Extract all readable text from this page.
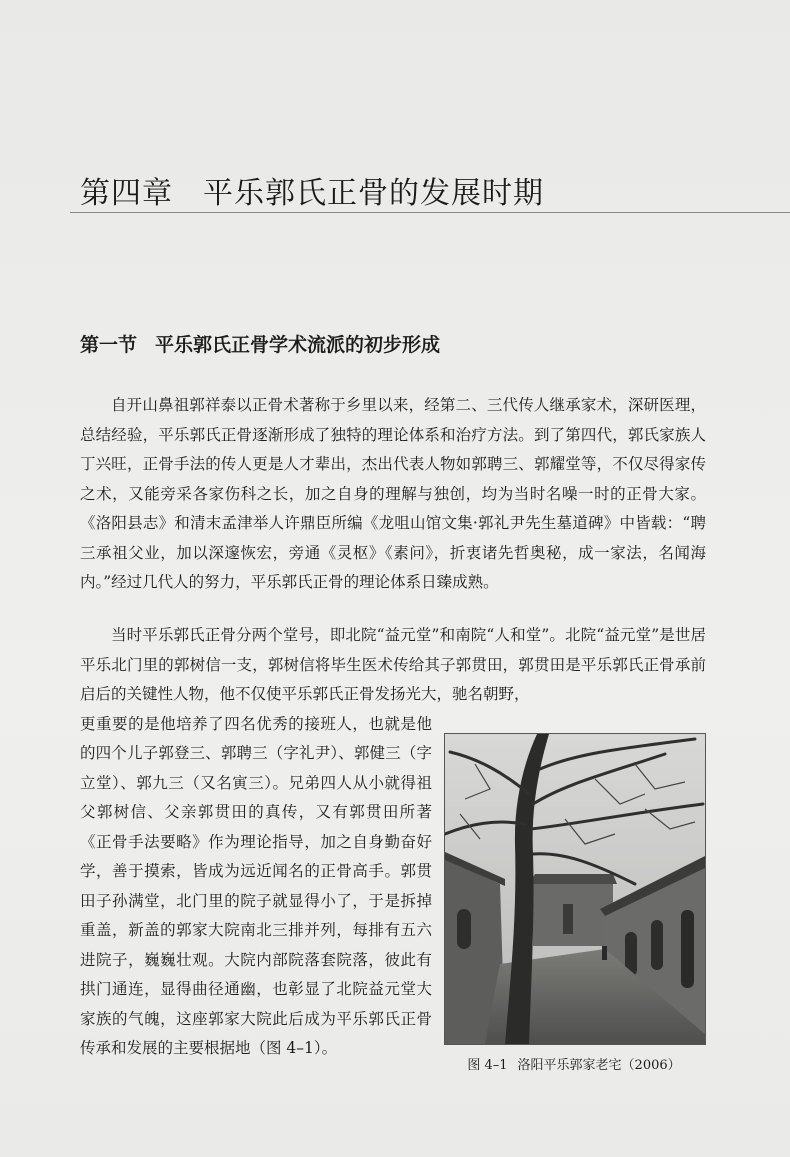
第四章 平乐郭氏正骨的发展时期
第一节 平乐郭氏正骨学术流派的初步形成
自开山鼻祖郭祥泰以正骨术著称于乡里以来，经第二、三代传人继承家术，深研医理，总结经验，平乐郭氏正骨逐渐形成了独特的理论体系和治疗方法。到了第四代，郭氏家族人丁兴旺，正骨手法的传人更是人才辈出，杰出代表人物如郭聘三、郭耀堂等，不仅尽得家传之术，又能旁采各家伤科之长，加之自身的理解与独创，均为当时名噪一时的正骨大家。《洛阳县志》和清末孟津举人许鼎臣所编《龙咀山馆文集·郭礼尹先生墓道碑》中皆载：“聘三承祖父业，加以深邃恢宏，旁通《灵枢》《素问》，折衷诸先哲奥秘，成一家法，名闻海内。”经过几代人的努力，平乐郭氏正骨的理论体系日臻成熟。
当时平乐郭氏正骨分两个堂号，即北院“益元堂”和南院“人和堂”。北院“益元堂”是世居平乐北门里的郭树信一支，郭树信将毕生医术传给其子郭贯田，郭贯田是平乐郭氏正骨承前启后的关键性人物，他不仅使平乐郭氏正骨发扬光大，驰名朝野，
更重要的是他培养了四名优秀的接班人，也就是他的四个儿子郭登三、郭聘三（字礼尹）、郭健三（字立堂）、郭九三（又名寅三）。兄弟四人从小就得祖父郭树信、父亲郭贯田的真传，又有郭贯田所著《正骨手法要略》作为理论指导，加之自身勤奋好学，善于摸索，皆成为远近闻名的正骨高手。郭贯田子孙满堂，北门里的院子就显得小了，于是拆掉重盖，新盖的郭家大院南北三排并列，每排有五六进院子，巍巍壮观。大院内部院落套院落，彼此有拱门通连，显得曲径通幽，也彰显了北院益元堂大家族的气魄，这座郭家大院此后成为平乐郭氏正骨传承和发展的主要根据地（图 4–1）。
图 4–1 洛阳平乐郭家老宅（2006）
